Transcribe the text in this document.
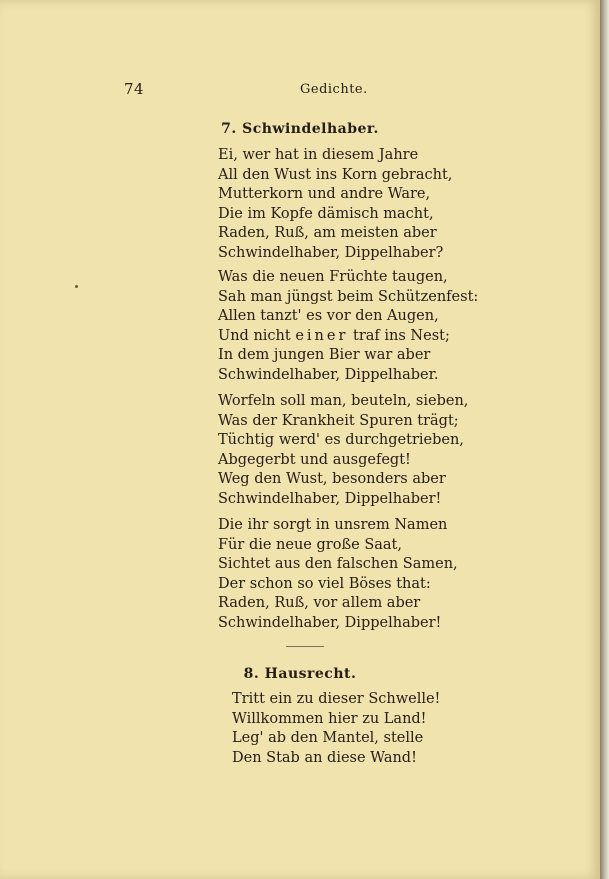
74	Gedichte.
7. Schwindelhaber.
Ei, wer hat in diesem Jahre
All den Wust ins Korn gebracht,
Mutterkorn und andre Ware,
Die im Kopfe dämisch macht,
Raden, Ruß, am meisten aber
Schwindelhaber, Dippelhaber?
Was die neuen Früchte taugen,
Sah man jüngst beim Schützenfest:
Allen tanzt' es vor den Augen,
Und nicht einer traf ins Nest;
In dem jungen Bier war aber
Schwindelhaber, Dippelhaber.
Worfeln soll man, beuteln, sieben,
Was der Krankheit Spuren trägt;
Tüchtig werd' es durchgetrieben,
Abgegerbt und ausgefegt!
Weg den Wust, besonders aber
Schwindelhaber, Dippelhaber!
Die ihr sorgt in unsrem Namen
Für die neue große Saat,
Sichtet aus den falschen Samen,
Der schon so viel Böses that:
Raden, Ruß, vor allem aber
Schwindelhaber, Dippelhaber!
8. Hausrecht.
Tritt ein zu dieser Schwelle!
Willkommen hier zu Land!
Leg' ab den Mantel, stelle
Den Stab an diese Wand!
